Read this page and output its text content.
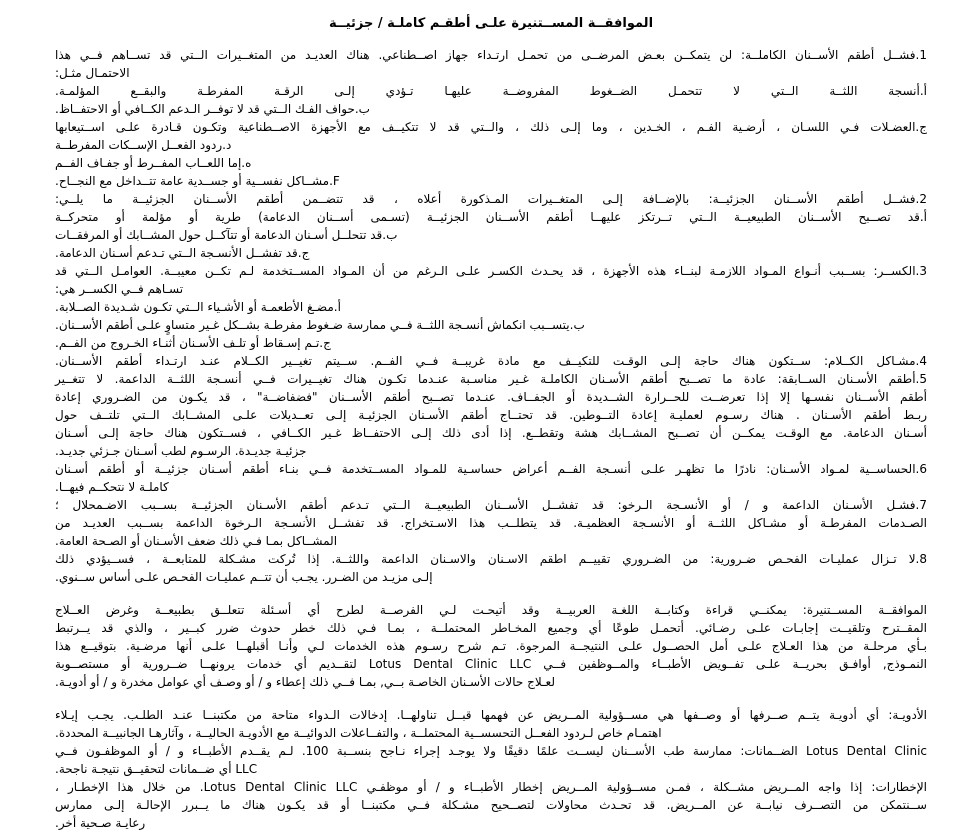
الموافقــة المســتنيرة علـى أطقـم كاملـة / جزئيــة
1.فشــل أطقم الأســنان الكاملــة: لن يتمكــن بعـض المرضــى من تحمـل ارتـداء جهاز اصــطناعي. هناك العديـد من المتغــيرات الــتي قد تســاهم فــي هذا
الاحتمـال مثـل:
أ.أنسجة اللثــة الــتي لا تتحمـل الضــغوط المفروضــة عليهـا تـؤدي إلـى الرقـة المفرطـة والبقــع المؤلمـة.
ب.حواف الفـك الــتي قد لا توفــر الـدعم الكــافي أو الاحتفــاظ.
ج.العضـلات فـي اللسـان ، أرضـية الفـم ، الخـدين ، وما إلـى ذلك ، والــتي قد لا تتكيــف مع الأجهزة الاصــطناعية وتكـون قـادرة علـى اســتيعابها
د.ردود الفعــل الإســكات المفرطــة
ه.إما اللعــاب المفــرط أو جفـاف الفــم
F.مشــاكل نفســية أو جســدية عامة تتــداخل مع النجــاح.
2.فشــل أطقم الأســنان الجزئيــة: بالإضــافة إلـى المتغــيرات المـذكورة أعلاه ، قد تتضــمن أطقم الأســنان الجزئيــة ما يلــي:
أ.قد تصــبح الأســنان الطبيعيــة الــتي تــرتكز عليهــا أطقم الأســنان الجزئيــة (تسـمى أســنان الدعامة) طرية أو مؤلمة أو متحركــة
ب.قد تتحلــل أسـنان الدعامة أو تتآكــل حول المشــابك أو المرفقــات
ج.قد تفشــل الأنسـجة الــتي تـدعم أسـنان الدعامة.
3.الكســر: بســبب أنـواع المـواد اللازمـة لبنــاء هذه الأجهزة ، قد يحـدث الكسـر علـى الـرغم من أن المـواد المســتخدمة لـم تكــن معيبــة. العوامـل الــتي قد
تسـاهم فــي الكســر هي:
أ.مضـغ الأطعمـة أو الأشـياء الــتي تكـون شـديدة الصــلابة.
ب.يتســبب انكماش أنسـجة اللثــة فــي ممارسة ضـغوط مفرطـة بشــكل غـير متساوٍ علـى أطقم الأســنان.
ج.تـم إسـقاط أو تلـف الأسـنان أثنـاء الخـروج من الفــم.
4.مشـاكل الكــلام: ســتكون هناك حاجة إلـى الوقـت للتكيــف مع مادة غريبــة فــي الفــم. ســيتم تغيــير الكــلام عنـد ارتـداء أطقم الأســنان.
5.أطقم الأسـنان الســابقة: عادة ما تصــبح أطقم الأسـنان الكاملـة غـير مناسـبة عنـدما تكـون هناك تغيــيرات فــي أنسـجة اللثــة الداعمة. لا تتغــير
أطقم الأســنان نفسـها إلا إذا تعرضــت للحــرارة الشــديدة أو الجفــاف. عنـدما تصــبح أطقم الأســنان "فضفاضــة" ، قد يكـون من الضـروري إعادة
ربـط أطقم الأسـنان . هناك رسـوم لعمليـة إعادة التــوطين. قد تحتــاج أطقم الأسـنان الجزئيـة إلـى تعــديلات علـى المشــابك الــتي تلتــف حول
أسـنان الدعامة. مع الوقـت يمكــن أن تصــبح المشــابك هشة وتقطــع. إذا أدى ذلك إلـى الاحتفــاظ غـير الكــافي ، فســتكون هناك حاجة إلـى أسـنان
جزئيـة جديـدة. الرسـوم لطب أسـنان جـزئي جديـد.
6.الحساســية لمـواد الأسـنان: نادرًا ما تظهـر علـى أنسـجة الفــم أعراض حساسـية للمـواد المســتخدمة فــي بنـاء أطقم أسـنان جزئيــة أو أطقم أسـنان
كاملـة لا نتحكــم فيهــا.
7.فشـل الأسـنان الداعمة و / أو الأنسـجة الـرخو: قد تفشــل الأســنان الطبيعيــة الــتي تـدعم أطقم الأسـنان الجزئيــة بســبب الاضـمحلال ؛
الصـدمات المفرطـة أو مشـاكل اللثــة أو الأنسـجة العظميـة. قد يتطلــب هذا الاسـتخراج. قد تفشــل الأنسـجة الـرخوة الداعمة بســبب العديـد من
المشــاكل بمـا فـي ذلك ضعف الأسـنان أو الصـحة العامة.
8.لا تـزال عمليـات الفحـص ضـرورية: من الضـروري تقييــم اطقم الاسـنان والاسـنان الداعمة واللثــة. إذا تُركت مشـكلة للمتابعــة ، فســيؤدي ذلك
إلـى مزيـد من الضـرر. يجـب أن تتــم عمليـات الفحـص علـى أساس ســنوي.
الموافقــة المســتنيرة: يمكنــي قراءة وكتابــة اللغـة العربيــة وقد أتيحـت لـي الفرصــة لطرح أي أسـئلة تتعلــق بطبيعــة وغرض العــلاج
المقــترح وتلقيــت إجابـات علـى رضـائي. أتحمـل طوعًا أي وجميع المخـاطر المحتملــة ، بمـا فـي ذلك خطر حدوث ضرر كبــير ، والذي قد يــرتبط
بـأي مرحلـة من هذا العـلاج علـى أمل الحصــول علـى النتيجــة المرجوة. تـم شرح رسـوم هذه الخدمات لـي وأنـا أقبلهــا علـى أنها مرضـية. بتوقيــع هذا
النمـوذج, أوافـق بحريــة علـى تفــويض الأطبــاء والمــوظفين فــي Lotus Dental Clinic LLC لتقــديم أي خدمات يرونهــا ضــرورية أو مستصــوبة
لعـلاج حالات الأسـنان الخاصـة بــي, بمـا فــي ذلك إعطاء و / أو وصـف أي عوامل مخدرة و / أو أدويـة.
الأدويـة: أي أدويـة يتــم صــرفها أو وصــفها هي مســؤولية المــريض عن فهمها قبــل تناولهــا. إدخالات الـدواء متاحة من مكتبنــا عنـد الطلـب. يجـب إيـلاء
اهتمـام خاص لـردود الفعــل التحسســية المحتملــة ، والتفــاعلات الدوائيــة مع الأدويـة الحاليــة ، وآثارهـا الجانبيــة المحددة.
Lotus Dental Clinic الضــمانات: ممارسة طب الأســنان ليســت علمًا دقيقًا ولا يوجـد إجراء نـاجح بنســبة 100. لـم يقــدم الأطبــاء و / أو الموظفـون فــي
LLC أي ضــمانات لتحقيــق نتيجـة ناجحة.
الإخطارات: إذا واجه المــريض مشــكلة ، فمـن مســؤولية المــريض إخطار الأطبــاء و / أو موظفـي Lotus Dental Clinic LLC. من خلال هذا الإخطـار ،
ســنتمكن من التصــرف نيابــة عن المــريض. قد تحـدث محاولات لتصــحيح مشـكلة فــي مكتبنــا أو قد يكـون هناك ما يــبرر الإحالـة إلـى ممارس
رعايـة صـحية أخر.
